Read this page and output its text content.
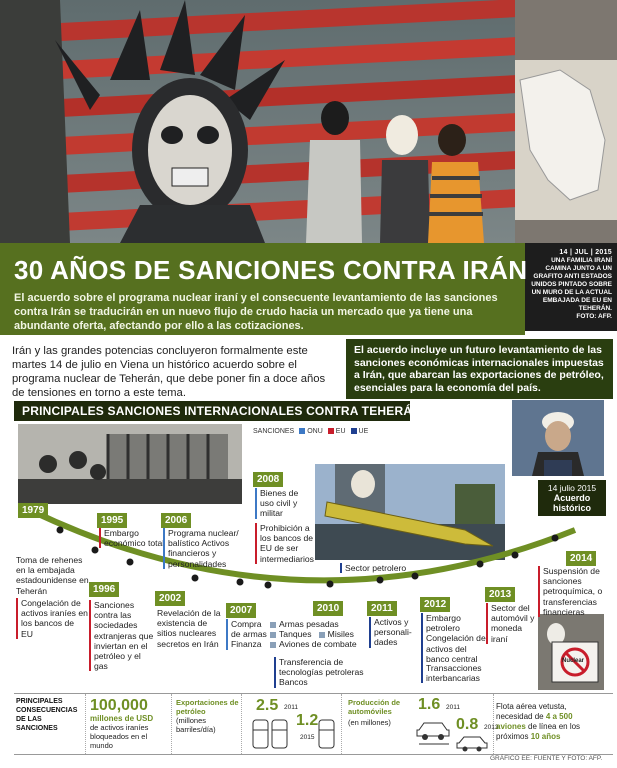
14 | JUL | 2015
UNA FAMILIA IRANÍ CAMINA JUNTO A UN GRAFITO ANTI ESTADOS UNIDOS PINTADO SOBRE UN MURO DE LA ACTUAL EMBAJADA DE EU EN TEHERÁN.
FOTO: AFP.
30 AÑOS DE SANCIONES CONTRA IRÁN
El acuerdo sobre el programa nuclear iraní y el consecuente levantamiento de las sanciones contra Irán se traducirán en un nuevo flujo de crudo hacia un mercado que ya tiene una abundante oferta, afectando por ello a las cotizaciones.
Irán y las grandes potencias concluyeron formalmente este martes 14 de julio en Viena un histórico acuerdo sobre el programa nuclear de Teherán, que debe poner fin a doce años de tensiones en torno a este tema.
El acuerdo incluye un futuro levantamiento de las sanciones económicas internacionales impuestas a Irán, que abarcan las exportaciones de petróleo, esenciales para la economía del país.
PRINCIPALES SANCIONES INTERNACIONALES CONTRA TEHERÁN
SANCIONES	ONU	EU	UE
Nuclear
14 julio 2015
Acuerdo histórico
1979
Toma de rehenes en la embajada estadounidense en Teherán
1995
Embargo económico total
1996
Congelación de activos iraníes en los bancos de EU
Sanciones contra las sociedades extranjeras que inviertan en el petróleo y el gas
2002
Revelación de la existencia de sitios nucleares secretos en Irán
2006
Programa nuclear/ balístico Activos financieros y personalidades
2007
Compra de armas Finanza
2008
Bienes de uso civil y militar
Prohibición a los bancos de EU de ser intermediarios
2010
Armas pesadas
Tanques Misiles
Aviones de combate
Transferencia de tecnologías petroleras Bancos
2011
Sector petrolero
Activos y personali- dades
2012
Embargo petrolero Congelación de activos del banco central
Transacciones interbancarias
2013
Sector del automóvil y moneda iraní
2014
Suspensión de sanciones petroquímica, o transferencias financieras
PRINCIPALES CONSECUENCIAS DE LAS SANCIONES
100,000
millones de USD
de activos iraníes bloqueados en el mundo
Exportaciones de petróleo
(millones barriles/día)
2.5 2011
1.2
2015
Producción de automóviles
(en millones)
1.6 2011
0.8 2013
Flota aérea vetusta, necesidad de 4 a 500 aviones de línea en los próximos 10 años
GRÁFICO EE: FUENTE Y FOTO: AFP.
